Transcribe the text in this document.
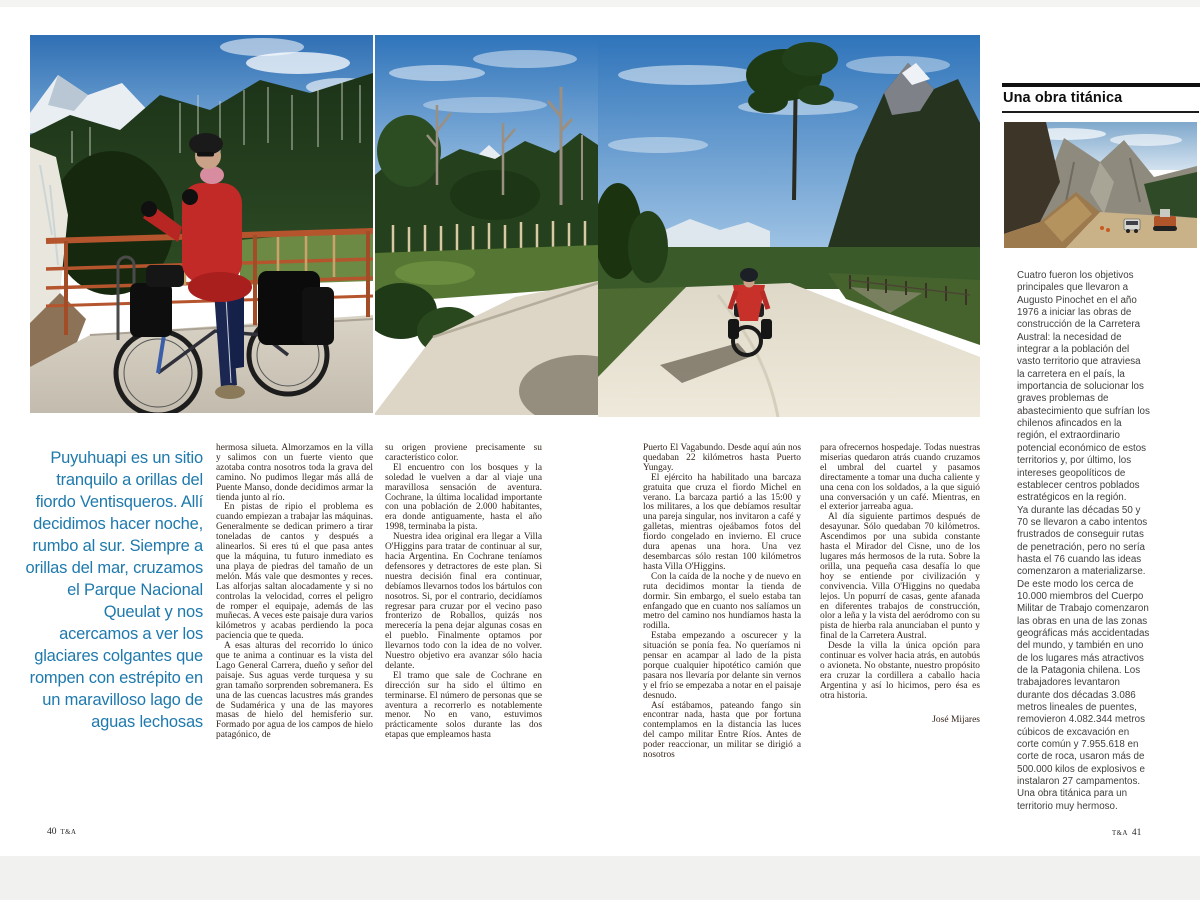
Puyuhuapi es un sitio tranquilo a orillas del fiordo Ventisqueros. Allí decidimos hacer noche, rumbo al sur. Siempre a orillas del mar, cruzamos el Parque Nacional Queulat y nos acercamos a ver los glaciares colgantes que rompen con estrépito en un maravilloso lago de aguas lechosas

hermosa silueta. Almorzamos en la villa y salimos con un fuerte viento que azotaba contra nosotros toda la grava del camino. No pudimos llegar más allá de Puente Manso, donde decidimos armar la tienda junto al río.

En pistas de ripio el problema es cuando empiezan a trabajar las máquinas. Generalmente se dedican primero a tirar toneladas de cantos y después a alinearlos. Si eres tú el que pasa antes que la máquina, tu futuro inmediato es una playa de piedras del tamaño de un melón. Más vale que desmontes y reces. Las alforjas saltan alocadamente y si no controlas la velocidad, corres el peligro de romper el equipaje, además de las muñecas. A veces este paisaje dura varios kilómetros y acabas perdiendo la poca paciencia que te queda.

A esas alturas del recorrido lo único que te anima a continuar es la vista del Lago General Carrera, dueño y señor del paisaje. Sus aguas verde turquesa y su gran tamaño sorprenden sobremanera. Es una de las cuencas lacustres más grandes de Sudamérica y una de las mayores masas de hielo del hemisferio sur. Formado por agua de los campos de hielo patagónico, de

su origen proviene precisamente su característico color.

El encuentro con los bosques y la soledad le vuelven a dar al viaje una maravillosa sensación de aventura. Cochrane, la última localidad importante con una población de 2.000 habitantes, era donde antiguamente, hasta el año 1998, terminaba la pista.

Nuestra idea original era llegar a Villa O'Higgins para tratar de continuar al sur, hacia Argentina. En Cochrane teníamos defensores y detractores de este plan. Si nuestra decisión final era continuar, debíamos llevarnos todos los bártulos con nosotros. Si, por el contrario, decidíamos regresar para cruzar por el vecino paso fronterizo de Roballos, quizás nos merecería la pena dejar algunas cosas en el pueblo. Finalmente optamos por llevarnos todo con la idea de no volver. Nuestro objetivo era avanzar sólo hacia delante.

El tramo que sale de Cochrane en dirección sur ha sido el último en terminarse. El número de personas que se aventura a recorrerlo es notablemente menor. No en vano, estuvimos prácticamente solos durante las dos etapas que empleamos hasta

Puerto El Vagabundo. Desde aquí aún nos quedaban 22 kilómetros hasta Puerto Yungay.

El ejército ha habilitado una barcaza gratuita que cruza el fiordo Michel en verano. La barcaza partió a las 15:00 y los militares, a los que debíamos resultar una pareja singular, nos invitaron a café y galletas, mientras ojeábamos fotos del fiordo congelado en invierno. El cruce dura apenas una hora. Una vez desembarcas sólo restan 100 kilómetros hasta Villa O'Higgins.

Con la caída de la noche y de nuevo en ruta decidimos montar la tienda de dormir. Sin embargo, el suelo estaba tan enfangado que en cuanto nos salíamos un metro del camino nos hundíamos hasta la rodilla.

Estaba empezando a oscurecer y la situación se ponía fea. No queríamos ni pensar en acampar al lado de la pista porque cualquier hipotético camión que pasara nos llevaría por delante sin vernos y el frío se empezaba a notar en el paisaje desnudo.

Así estábamos, pateando fango sin encontrar nada, hasta que por fortuna contemplamos en la distancia las luces del campo militar Entre Ríos. Antes de poder reaccionar, un militar se dirigió a nosotros

para ofrecernos hospedaje. Todas nuestras miserias quedaron atrás cuando cruzamos el umbral del cuartel y pasamos directamente a tomar una ducha caliente y una cena con los soldados, a la que siguió una conversación y un café. Mientras, en el exterior jarreaba agua.

Al día siguiente partimos después de desayunar. Sólo quedaban 70 kilómetros. Ascendimos por una subida constante hasta el Mirador del Cisne, uno de los lugares más hermosos de la ruta. Sobre la orilla, una pequeña casa desafía lo que hoy se entiende por civilización y convivencia. Villa O'Higgins no quedaba lejos. Un popurrí de casas, gente afanada en diferentes trabajos de construcción, olor a leña y la vista del aeródromo con su pista de hierba rala anunciaban el punto y final de la Carretera Austral.

Desde la villa la única opción para continuar es volver hacia atrás, en autobús o avioneta. No obstante, nuestro propósito era cruzar la cordillera a caballo hacia Argentina y así lo hicimos, pero ésa es otra historia.

José Mijares
Una obra titánica

Cuatro fueron los objetivos principales que llevaron a Augusto Pinochet en el año 1976 a iniciar las obras de construcción de la Carretera Austral: la necesidad de integrar a la población del vasto territorio que atraviesa la carretera en el país, la importancia de solucionar los graves problemas de abastecimiento que sufrían los chilenos afincados en la región, el extraordinario potencial económico de estos territorios y, por último, los intereses geopolíticos de establecer centros poblados estratégicos en la región.

Ya durante las décadas 50 y 70 se llevaron a cabo intentos frustrados de conseguir rutas de penetración, pero no sería hasta el 76 cuando las ideas comenzaron a materializarse. De este modo los cerca de 10.000 miembros del Cuerpo Militar de Trabajo comenzaron las obras en una de las zonas geográficas más accidentadas del mundo, y también en uno de los lugares más atractivos de la Patagonia chilena. Los trabajadores levantaron durante dos décadas 3.086 metros lineales de puentes, removieron 4.082.344 metros cúbicos de excavación en corte común y 7.955.618 en corte de roca, usaron más de 500.000 kilos de explosivos e instalaron 27 campamentos. Una obra titánica para un territorio muy hermoso.

40 T&A	T&A 41
